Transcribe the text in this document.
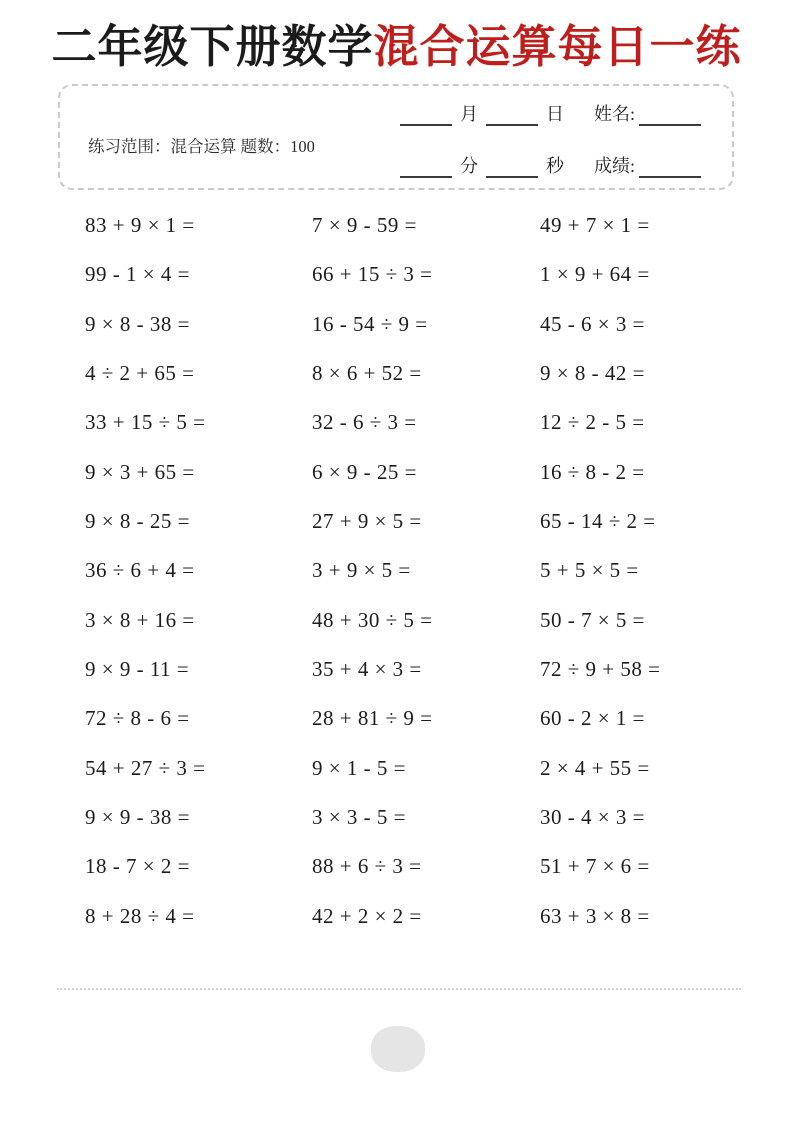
二年级下册数学混合运算每日一练
练习范围：混合运算 题数：100
月	日 姓名:
分	秒 成绩:
83 + 9 × 1 =
99 - 1 × 4 =
9 × 8 - 38 =
4 ÷ 2 + 65 =
33 + 15 ÷ 5 =
9 × 3 + 65 =
9 × 8 - 25 =
36 ÷ 6 + 4 =
3 × 8 + 16 =
9 × 9 - 11 =
72 ÷ 8 - 6 =
54 + 27 ÷ 3 =
9 × 9 - 38 =
18 - 7 × 2 =
8 + 28 ÷ 4 =
7 × 9 - 59 =
66 + 15 ÷ 3 =
16 - 54 ÷ 9 =
8 × 6 + 52 =
32 - 6 ÷ 3 =
6 × 9 - 25 =
27 + 9 × 5 =
3 + 9 × 5 =
48 + 30 ÷ 5 =
35 + 4 × 3 =
28 + 81 ÷ 9 =
9 × 1 - 5 =
3 × 3 - 5 =
88 + 6 ÷ 3 =
42 + 2 × 2 =
49 + 7 × 1 =
1 × 9 + 64 =
45 - 6 × 3 =
9 × 8 - 42 =
12 ÷ 2 - 5 =
16 ÷ 8 - 2 =
65 - 14 ÷ 2 =
5 + 5 × 5 =
50 - 7 × 5 =
72 ÷ 9 + 58 =
60 - 2 × 1 =
2 × 4 + 55 =
30 - 4 × 3 =
51 + 7 × 6 =
63 + 3 × 8 =
